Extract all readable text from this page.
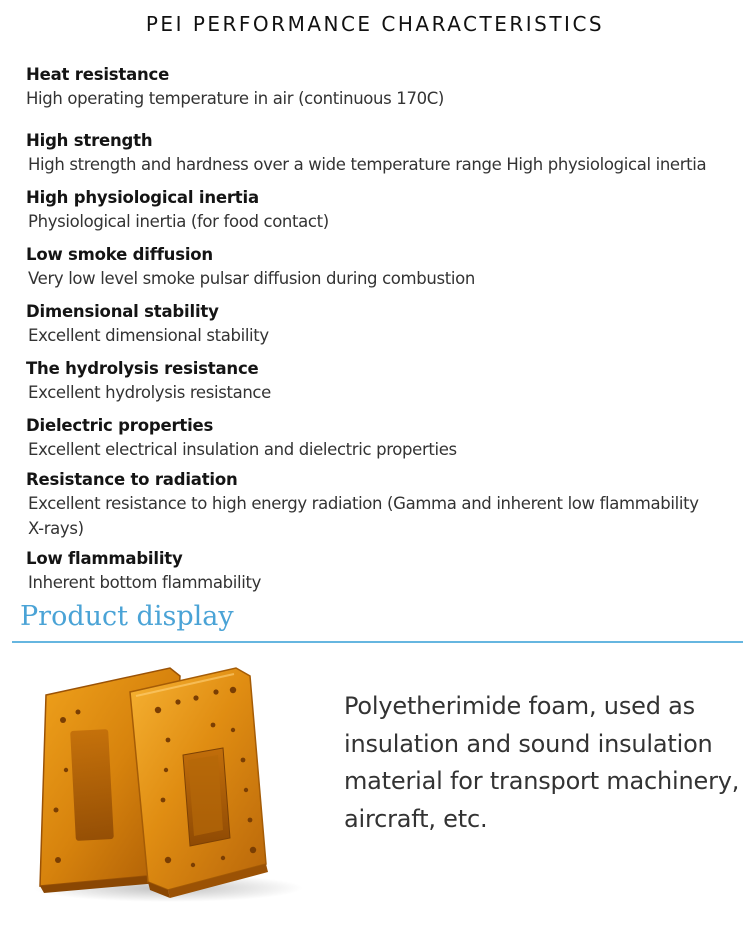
PEI PERFORMANCE CHARACTERISTICS
Heat resistance
High operating temperature in air (continuous 170C)
High strength
High strength and hardness over a wide temperature range High physiological inertia
High physiological inertia
Physiological inertia (for food contact)
Low smoke diffusion
Very low level smoke pulsar diffusion during combustion
Dimensional stability
Excellent dimensional stability
The hydrolysis resistance
Excellent hydrolysis resistance
Dielectric properties
Excellent electrical insulation and dielectric properties
Resistance to radiation
Excellent resistance to high energy radiation (Gamma and inherent low flammability X-rays)
Low flammability
Inherent bottom flammability
Product display
Polyetherimide foam, used as insulation and sound insulation material for transport machinery, aircraft, etc.
